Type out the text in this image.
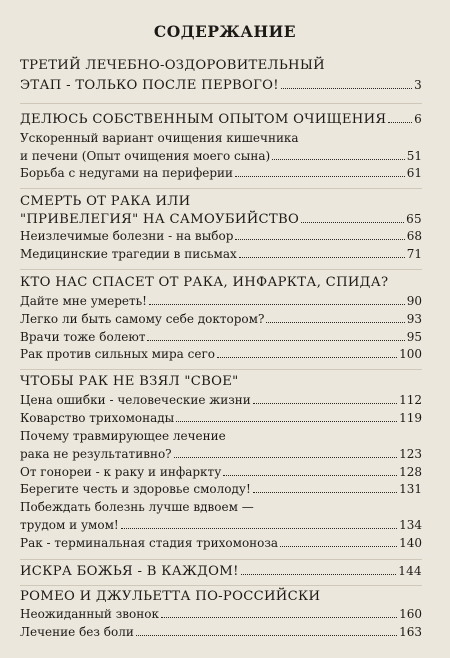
СОДЕРЖАНИЕ
ТРЕТИЙ ЛЕЧЕБНО-ОЗДОРОВИТЕЛЬНЫЙ
ЭТАП - ТОЛЬКО ПОСЛЕ ПЕРВОГО!	3
ДЕЛЮСЬ СОБСТВЕННЫМ ОПЫТОМ ОЧИЩЕНИЯ 6
Ускоренный вариант очищения кишечника
и печени (Опыт очищения моего сына)	51
Борьба с недугами на периферии	61
СМЕРТЬ ОТ РАКА ИЛИ
"ПРИВЕЛЕГИЯ" НА САМОУБИЙСТВО	65
Неизлечимые болезни - на выбор	68
Медицинские трагедии в письмах	71
КТО НАС СПАСЕТ ОТ РАКА, ИНФАРКТА, СПИДА?
Дайте мне умереть!	90
Легко ли быть самому себе доктором?	93
Врачи тоже болеют	95
Рак против сильных мира сего	100
ЧТОБЫ РАК НЕ ВЗЯЛ "СВОЕ"
Цена ошибки - человеческие жизни	112
Коварство трихомонады	119
Почему травмирующее лечение
рака не результативно?	123
От гонореи - к раку и инфаркту	128
Берегите честь и здоровье смолоду!	131
Побеждать болезнь лучше вдвоем —
трудом и умом!	134
Рак - терминальная стадия трихомоноза	140
ИСКРА БОЖЬЯ - В КАЖДОМ!	144
РОМЕО И ДЖУЛЬЕТТА ПО-РОССИЙСКИ
Неожиданный звонок	160
Лечение без боли	163
